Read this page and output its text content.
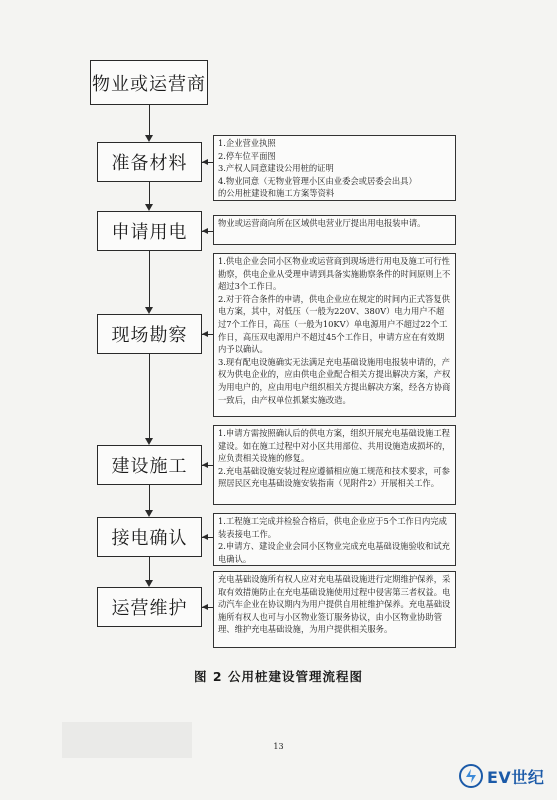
物业或运营商
准备材料
申请用电
现场勘察
建设施工
接电确认
运营维护
1.企业营业执照
2.停车位平面图
3.产权人同意建设公用桩的证明
4.物业同意（无物业管理小区由业委会或居委会出具）
的公用桩建设和施工方案等资料
物业或运营商向所在区域供电营业厅提出用电报装申请。
1.供电企业会同小区物业或运营商到现场进行用电及施工可行性勘察，供电企业从受理申请到具备实施勘察条件的时间原则上不超过3个工作日。
2.对于符合条件的申请，供电企业应在规定的时间内正式答复供电方案，其中，对低压（一般为220V、380V）电力用户不超过7个工作日，高压（一般为10KV）单电源用户不超过22个工作日，高压双电源用户不超过45个工作日，申请方应在有效期内予以确认。
3.现有配电设施确实无法满足充电基础设施用电报装申请的，产权为供电企业的，应由供电企业配合相关方提出解决方案，产权为用电户的，应由用电户组织相关方提出解决方案，经各方协商一致后，由产权单位抓紧实施改造。
1.申请方需按照确认后的供电方案，组织开展充电基础设施工程建设。如在施工过程中对小区共用部位、共用设施造成损坏的，应负责相关设施的修复。
2.充电基础设施安装过程应遵循相应施工规范和技术要求，可参照居民区充电基础设施安装指南（见附件2）开展相关工作。
1.工程施工完成并检验合格后，供电企业应于5个工作日内完成装表接电工作。
2.申请方、建设企业会同小区物业完成充电基础设施验收和试充电确认。
充电基础设施所有权人应对充电基础设施进行定期维护保养，采取有效措施防止在充电基础设施使用过程中侵害第三者权益。电动汽车企业在协议期内为用户提供自用桩维护保养。充电基础设施所有权人也可与小区物业签订服务协议，由小区物业协助管理、维护充电基础设施，为用户提供相关服务。
图 2 公用桩建设管理流程图
13
EV世纪
